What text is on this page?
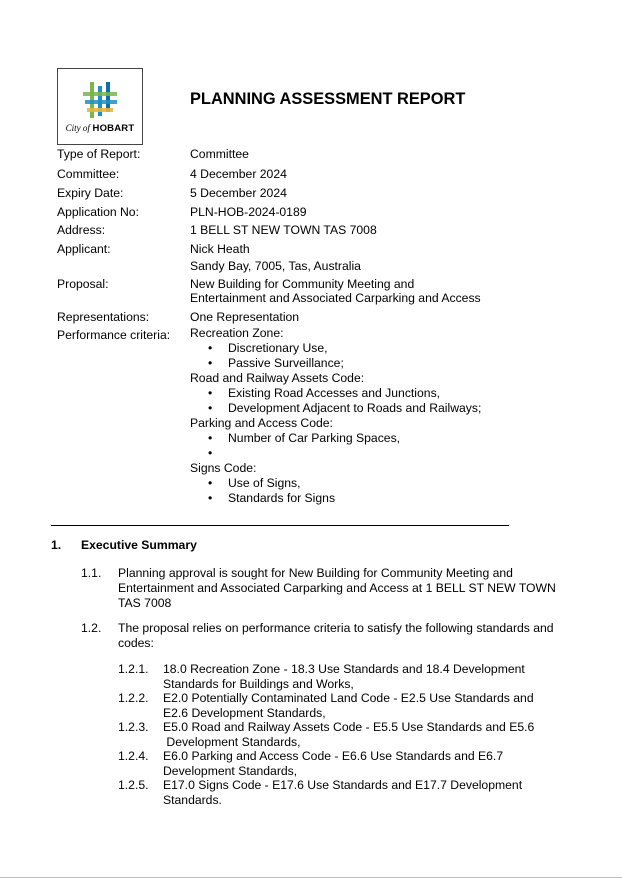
City of HOBART
PLANNING ASSESSMENT REPORT
Type of Report:	Committee
Committee:	4 December 2024
Expiry Date:	5 December 2024
Application No:	PLN-HOB-2024-0189
Address:	1 BELL ST NEW TOWN TAS 7008
Applicant:	Nick Heath
Sandy Bay, 7005, Tas, Australia
Proposal:	New Building for Community Meeting and
Entertainment and Associated Carparking and Access
Representations:	One Representation
Performance criteria: Recreation Zone:
• Discretionary Use,
• Passive Surveillance;
Road and Railway Assets Code:
• Existing Road Accesses and Junctions,
• Development Adjacent to Roads and Railways;
Parking and Access Code:
• Number of Car Parking Spaces,
•
Signs Code:
• Use of Signs,
• Standards for Signs
1. Executive Summary
1.1. Planning approval is sought for New Building for Community Meeting and Entertainment and Associated Carparking and Access at 1 BELL ST NEW TOWN TAS 7008
1.2. The proposal relies on performance criteria to satisfy the following standards and codes:
1.2.1. 18.0 Recreation Zone - 18.3 Use Standards and 18.4 Development
Standards for Buildings and Works,
1.2.2. E2.0 Potentially Contaminated Land Code - E2.5 Use Standards and
E2.6 Development Standards,
1.2.3. E5.0 Road and Railway Assets Code - E5.5 Use Standards and E5.6
Development Standards,
1.2.4. E6.0 Parking and Access Code - E6.6 Use Standards and E6.7
Development Standards,
1.2.5. E17.0 Signs Code - E17.6 Use Standards and E17.7 Development
Standards.
